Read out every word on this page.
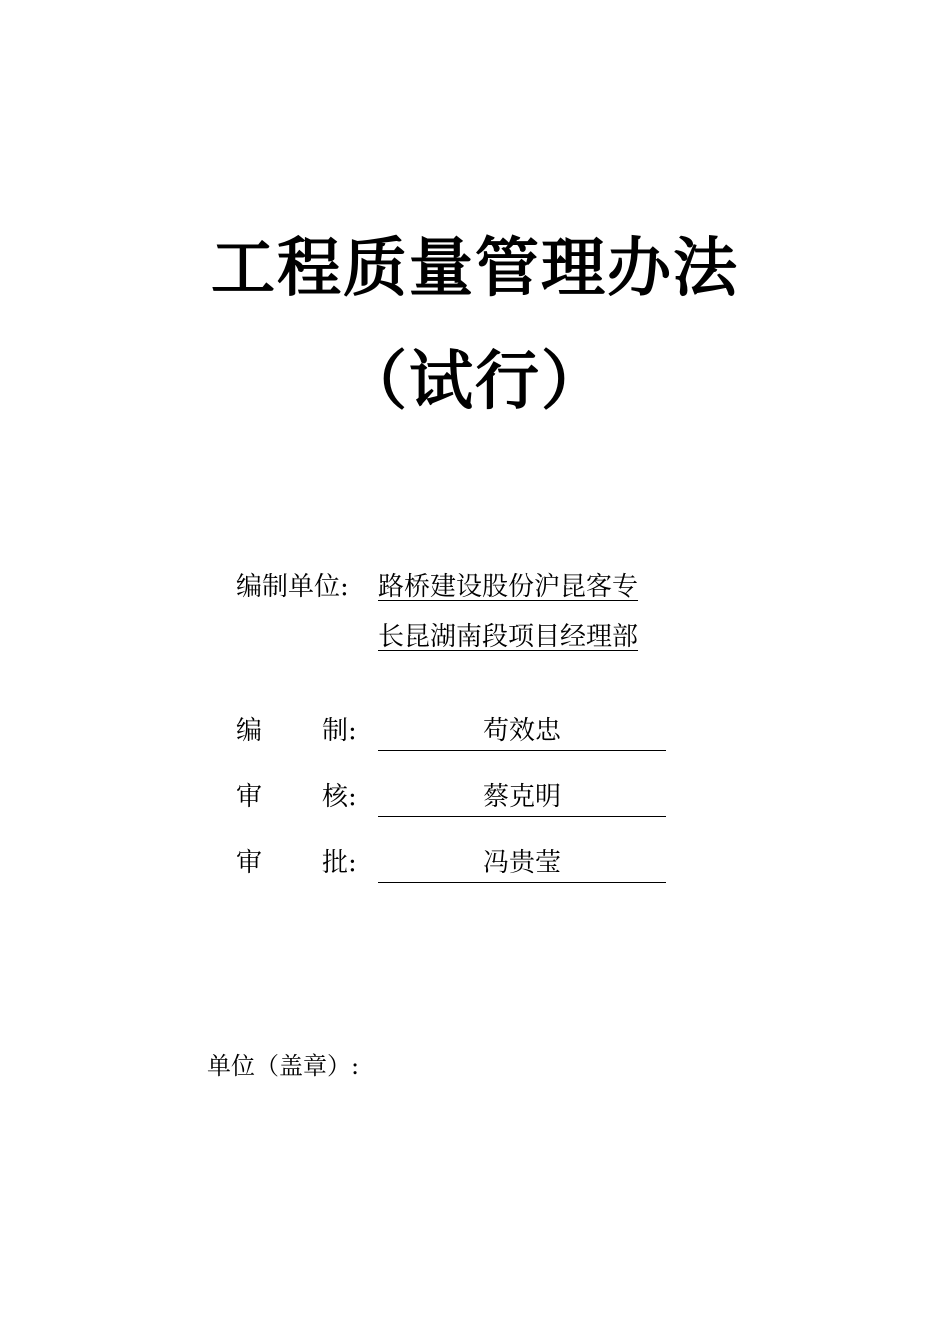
工程质量管理办法
（试行）
编制单位: 路桥建设股份沪昆客专
长昆湖南段项目经理部
编 制:	苟效忠
审 核:	蔡克明
审 批:	冯贵莹
单位（盖章）:
